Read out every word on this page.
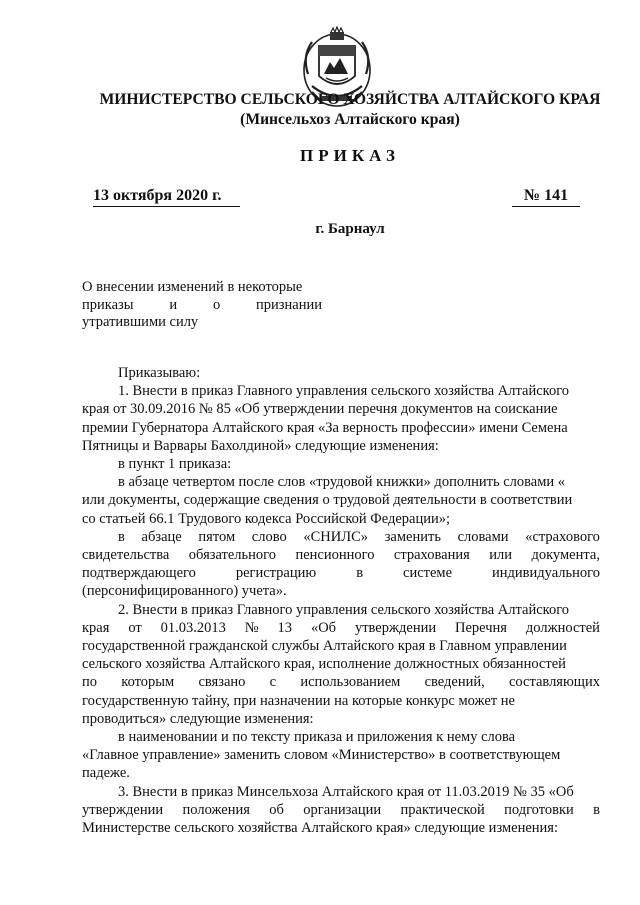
МИНИСТЕРСТВО СЕЛЬСКОГО ХОЗЯЙСТВА АЛТАЙСКОГО КРАЯ
(Минсельхоз Алтайского края)
ПРИКАЗ
13 октября 2020 г.	№ 141
г. Барнаул
О внесении изменений в некоторые
приказы и о признании
утратившими силу
Приказываю:
1. Внести в приказ Главного управления сельского хозяйства Алтайского
края от 30.09.2016 № 85 «Об утверждении перечня документов на соискание
премии Губернатора Алтайского края «За верность профессии» имени Семена
Пятницы и Варвары Бахолдиной» следующие изменения:
в пункт 1 приказа:
в абзаце четвертом после слов «трудовой книжки» дополнить словами «
или документы, содержащие сведения о трудовой деятельности в соответствии
со статьей 66.1 Трудового кодекса Российской Федерации»;
в абзаце пятом слово «СНИЛС» заменить словами «страхового
свидетельства обязательного пенсионного страхования или документа,
подтверждающего	регистрацию	в	системе	индивидуального
(персонифицированного) учета».
2. Внести в приказ Главного управления сельского хозяйства Алтайского
края от 01.03.2013 № 13 «Об утверждении Перечня должностей
государственной гражданской службы Алтайского края в Главном управлении
сельского хозяйства Алтайского края, исполнение должностных обязанностей
по которым связано с использованием сведений, составляющих
государственную тайну, при назначении на которые конкурс может не
проводиться» следующие изменения:
в наименовании и по тексту приказа и приложения к нему слова
«Главное управление» заменить словом «Министерство» в соответствующем
падеже.
3. Внести в приказ Минсельхоза Алтайского края от 11.03.2019 № 35 «Об
утверждении положения об организации практической подготовки в
Министерстве сельского хозяйства Алтайского края» следующие изменения:
